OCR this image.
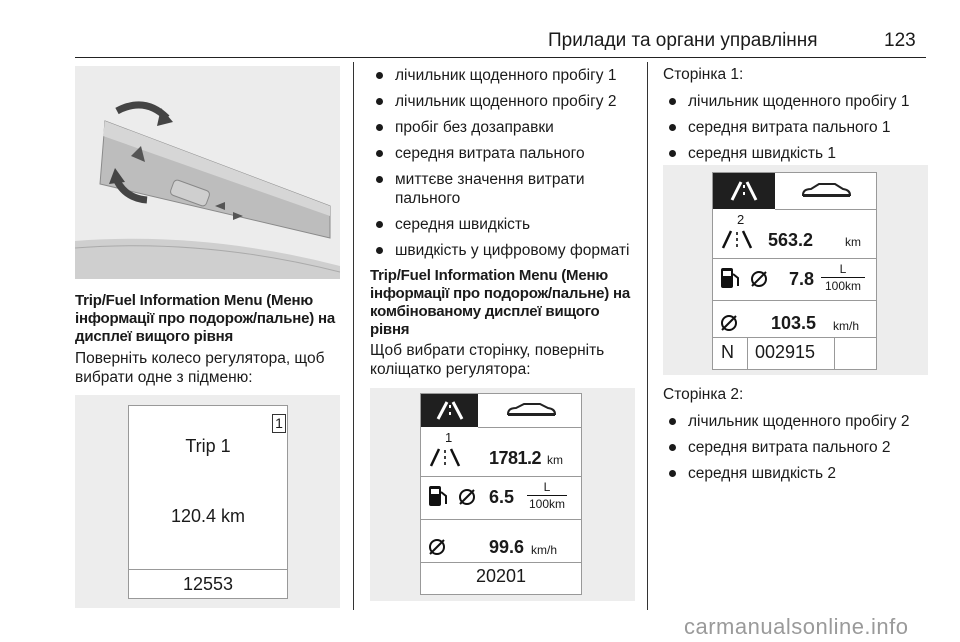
Прилади та органи управління	123
Trip/Fuel Information Menu (Меню інформації про подорож/пальне) на дисплеї вищого рівня
Поверніть колесо регулятора, щоб вибрати одне з підменю:
1
Trip 1
120.4 km
12553
лічильник щоденного пробігу 1
лічильник щоденного пробігу 2
пробіг без дозаправки
середня витрата пального
миттєве значення витрати пального
середня швидкість
швидкість у цифровому форматі
Trip/Fuel Information Menu (Меню інформації про подорож/пальне) на комбінованому дисплеї вищого рівня
Щоб вибрати сторінку, поверніть коліщатко регулятора:
1
1781.2 km
6.5	L
100km
99.6 km/h
20201
Сторінка 1:
лічильник щоденного пробігу 1
середня витрата пального 1
середня швидкість 1
2
563.2	km
7.8	L
100km
103.5 km/h
N 002915
Сторінка 2:
лічильник щоденного пробігу 2
середня витрата пального 2
середня швидкість 2
carmanualsonline.info
